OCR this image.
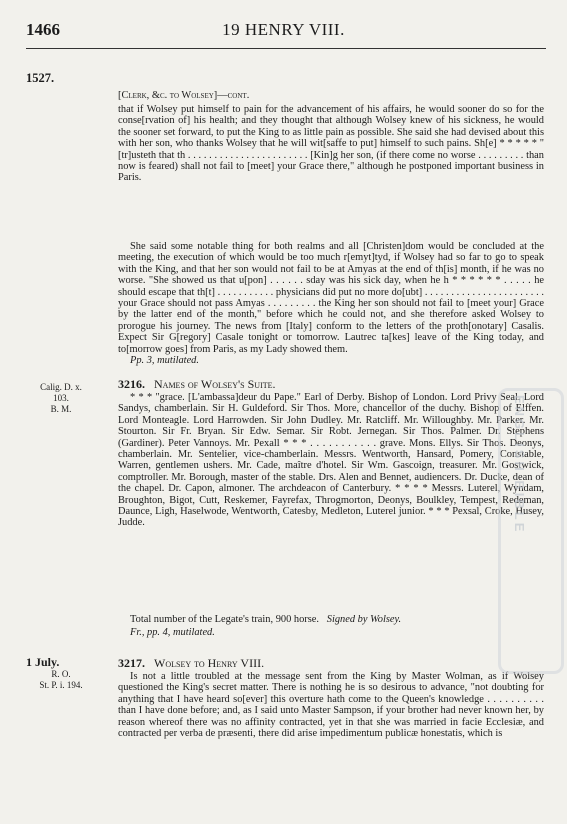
1466	19 HENRY VIII.
1527.
[Clerk, &c. to Wolsey]—cont.
that if Wolsey put himself to pain for the advancement of his affairs, he would sooner do so for the conse[rvation of] his health; and they thought that although Wolsey knew of his sickness, he would the sooner set forward, to put the King to as little pain as possible. She said she had devised about this with her son, who thanks Wolsey that he will wit[saffe to put] himself to such pains. Sh[e] * * * * * "[tr]usteth that th . . . . . . . . . . . . . . . . . . . . . . . [Kin]g her son, (if there come no worse . . . . . . . . . than now is feared) shall not fail to [meet] your Grace there," although he postponed important business in Paris.
She said some notable thing for both realms and all [Christen]dom would be concluded at the meeting, the execution of which would be too much r[emyt]tyd, if Wolsey had so far to go to speak with the King, and that her son would not fail to be at Amyas at the end of th[is] month, if he was no worse. "She showed us that u[pon] . . . . . . sday was his sick day, when he h * * * * * * . . . . . he should escape that th[t] . . . . . . . . . . . physicians did put no more do[ubt] . . . . . . . . . . . . . . . . . . . . . . . your Grace should not pass Amyas . . . . . . . . . the King her son should not fail to [meet your] Grace by the latter end of the month," before which he could not, and she therefore asked Wolsey to prorogue his journey. The news from [Italy] conform to the letters of the proth[onotary] Casalis. Expect Sir G[regory] Casale tonight or tomorrow. Lautrec ta[kes] leave of the King today, and to[morrow goes] from Paris, as my Lady showed them.
Pp. 3, mutilated.
Calig. D. x.
103.
B. M.
3216. Names of Wolsey's Suite.
* * * "grace. [L'ambassa]deur du Pape." Earl of Derby. Bishop of London. Lord Privy Seal. Lord Sandys, chamberlain. Sir H. Guldeford. Sir Thos. More, chancellor of the duchy. Bishop of Elffen. Lord Monteagle. Lord Harrowden. Sir John Dudley. Mr. Ratcliff. Mr. Willoughby. Mr. Parker. Mr. Stourton. Sir Fr. Bryan. Sir Edw. Semar. Sir Robt. Jernegan. Sir Thos. Palmer. Dr. Stephens (Gardiner). Peter Vannoys. Mr. Pexall * * * . . . . . . . . . . . grave. Mons. Ellys. Sir Thos. Deonys, chamberlain. Mr. Sentelier, vice-chamberlain. Messrs. Wentworth, Hansard, Pomery, Constable, Warren, gentlemen ushers. Mr. Cade, maître d'hotel. Sir Wm. Gascoign, treasurer. Mr. Gostwick, comptroller. Mr. Borough, master of the stable. Drs. Alen and Bennet, audiencers. Dr. Ducke, dean of the chapel. Dr. Capon, almoner. The archdeacon of Canterbury. * * * * Messrs. Luterel, Wyndam, Broughton, Bigot, Cutt, Reskemer, Fayrefax, Throgmorton, Deonys, Boulkley, Tempest, Redeman, Daunce, Ligh, Haselwode, Wentworth, Catesby, Medleton, Luterel junior. * * * Pexsal, Croke, Husey, Judde.
Total number of the Legate's train, 900 horse. Signed by Wolsey.
Fr., pp. 4, mutilated.
1 July.
R. O.
St. P. i. 194.
3217. Wolsey to Henry VIII.
Is not a little troubled at the message sent from the King by Master Wolman, as if Wolsey questioned the King's secret matter. There is nothing he is so desirous to advance, "not doubting for anything that I have heard so[ever] this overture hath come to the Queen's knowledge . . . . . . . . . . than I have done before; and, as I said unto Master Sampson, if your brother had never known her, by reason whereof there was no affinity contracted, yet in that she was married in facie Ecclesiæ, and contracted per verba de præsenti, there did arise impedimentum publicæ honestatis, which is
ENGLISH BIBLE
